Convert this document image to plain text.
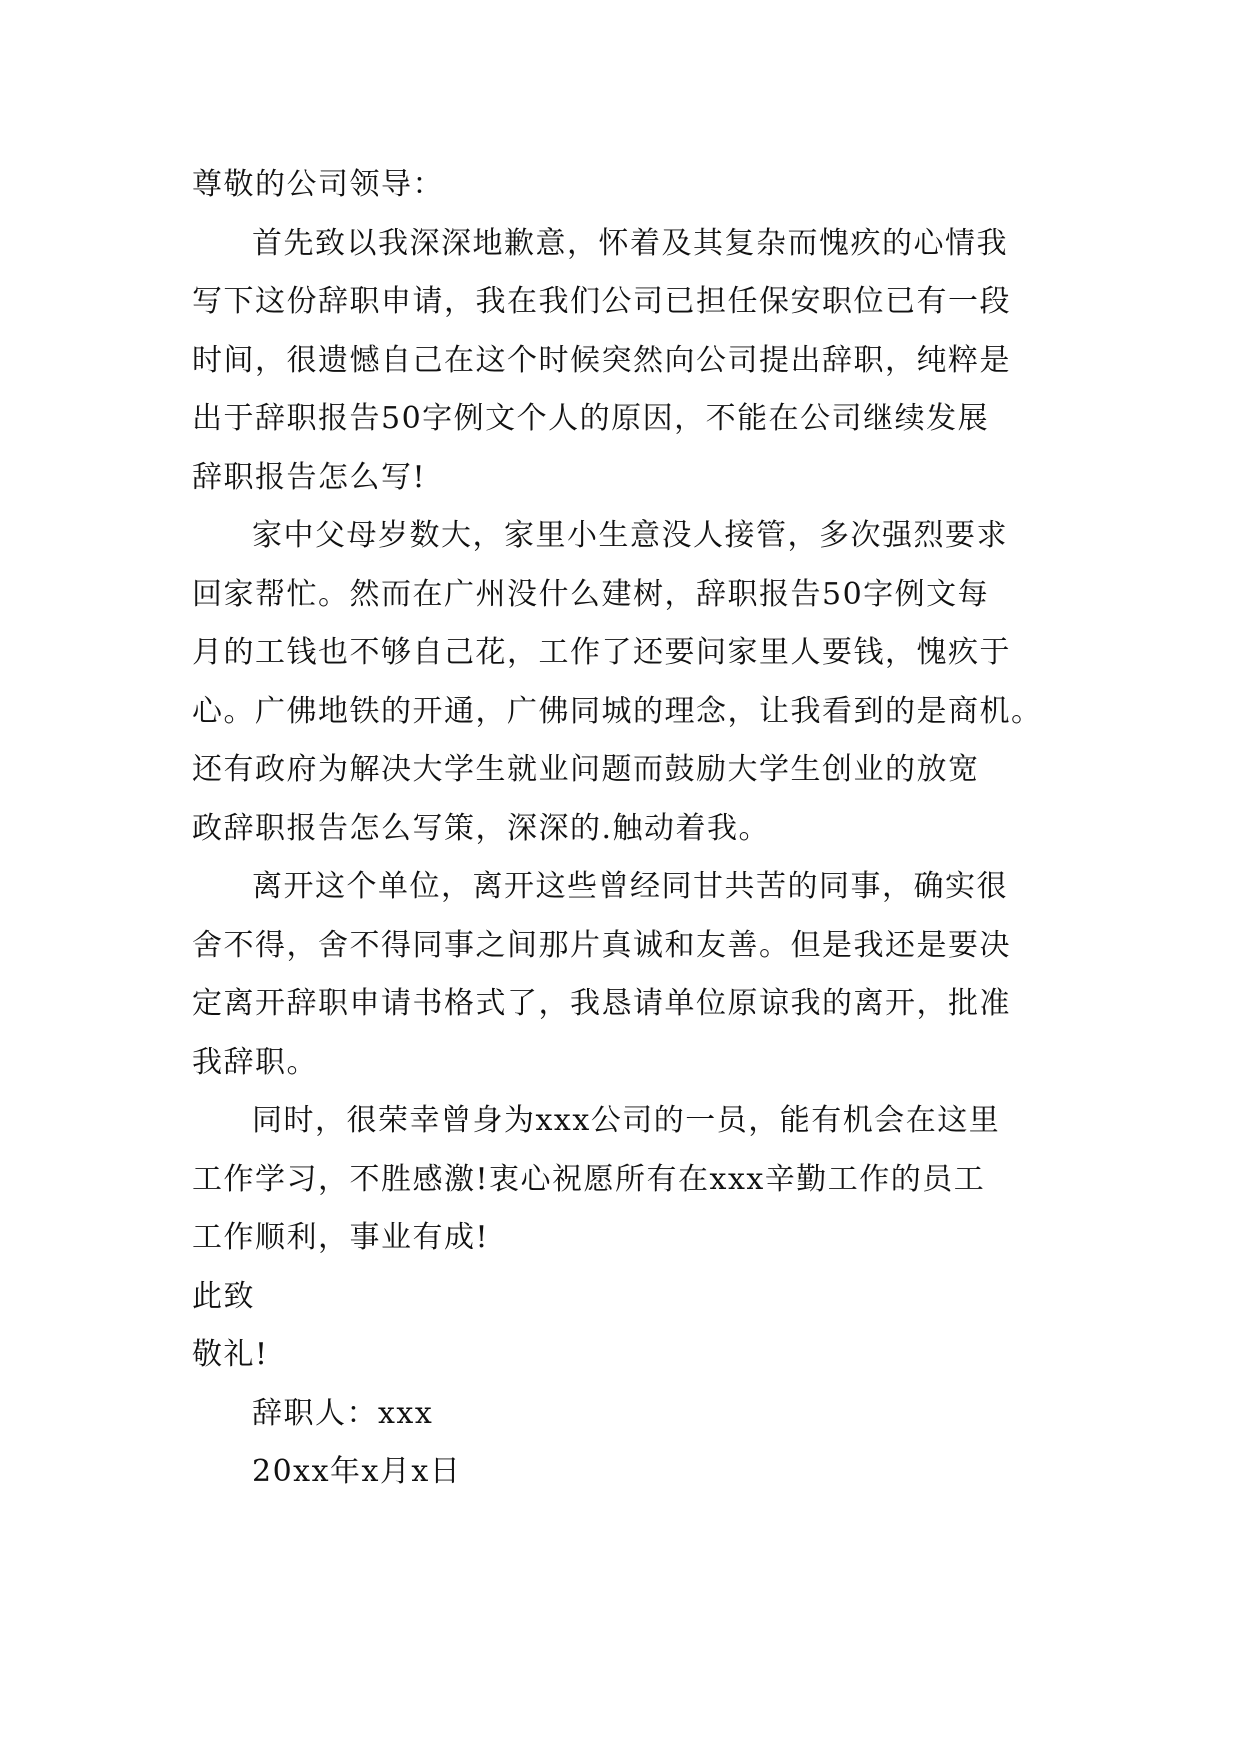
尊敬的公司领导：
首先致以我深深地歉意，怀着及其复杂而愧疚的心情我
写下这份辞职申请，我在我们公司已担任保安职位已有一段
时间，很遗憾自己在这个时候突然向公司提出辞职，纯粹是
出于辞职报告50字例文个人的原因，不能在公司继续发展
辞职报告怎么写!
家中父母岁数大，家里小生意没人接管，多次强烈要求
回家帮忙。然而在广州没什么建树，辞职报告50字例文每
月的工钱也不够自己花，工作了还要问家里人要钱，愧疚于
心。广佛地铁的开通，广佛同城的理念，让我看到的是商机。
还有政府为解决大学生就业问题而鼓励大学生创业的放宽
政辞职报告怎么写策，深深的.触动着我。
离开这个单位，离开这些曾经同甘共苦的同事，确实很
舍不得，舍不得同事之间那片真诚和友善。但是我还是要决
定离开辞职申请书格式了，我恳请单位原谅我的离开，批准
我辞职。
同时，很荣幸曾身为xxx公司的一员，能有机会在这里
工作学习，不胜感激!衷心祝愿所有在xxx辛勤工作的员工
工作顺利，事业有成!
此致
敬礼!
辞职人：xxx
20xx年x月x日
